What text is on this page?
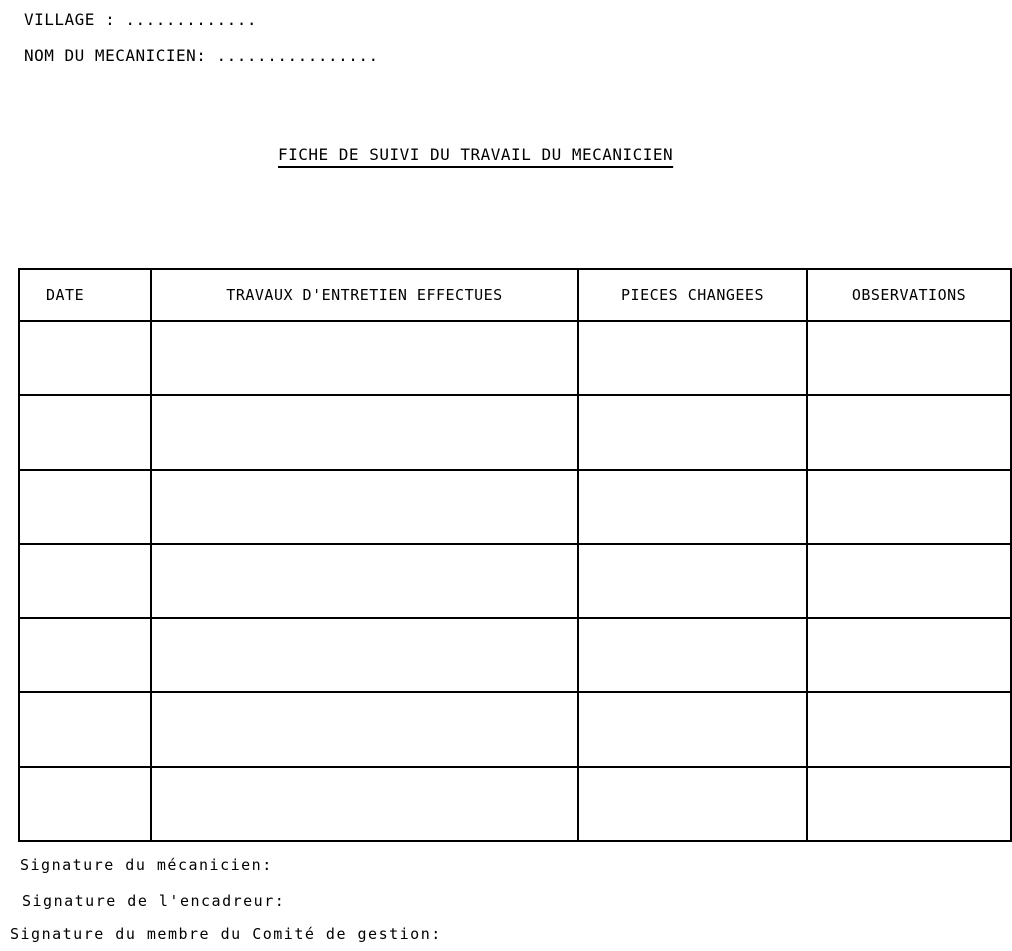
VILLAGE : .............
NOM DU MECANICIEN: ................
FICHE DE SUIVI DU TRAVAIL DU MECANICIEN
DATE	TRAVAUX D'ENTRETIEN EFFECTUES	PIECES CHANGEES	OBSERVATIONS

Signature du mécanicien:
Signature de l'encadreur:
Signature du membre du Comité de gestion:
